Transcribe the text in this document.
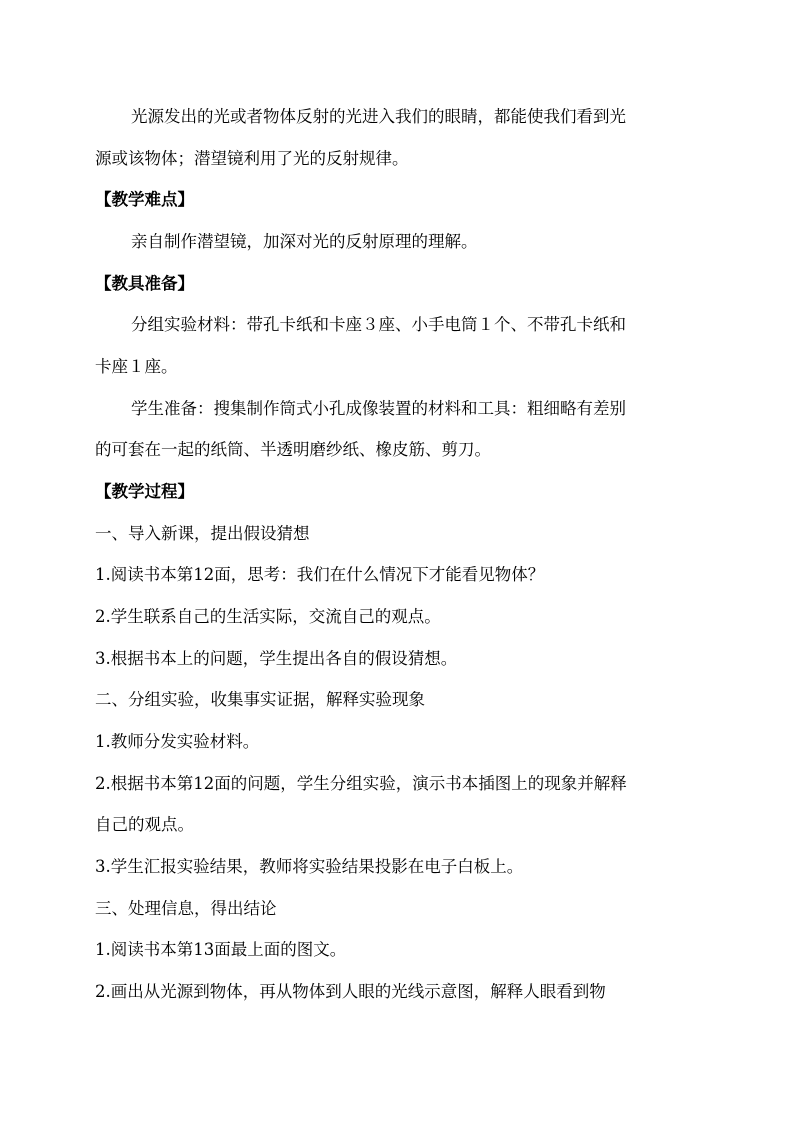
光源发出的光或者物体反射的光进入我们的眼睛，都能使我们看到光
源或该物体；潜望镜利用了光的反射规律。
【教学难点】
亲自制作潜望镜，加深对光的反射原理的理解。
【教具准备】
分组实验材料：带孔卡纸和卡座３座、小手电筒１个、不带孔卡纸和
卡座１座。
学生准备：搜集制作筒式小孔成像装置的材料和工具：粗细略有差别
的可套在一起的纸筒、半透明磨纱纸、橡皮筋、剪刀。
【教学过程】
一、导入新课，提出假设猜想
1.阅读书本第12面，思考：我们在什么情况下才能看见物体？
2.学生联系自己的生活实际，交流自己的观点。
3.根据书本上的问题，学生提出各自的假设猜想。
二、分组实验，收集事实证据，解释实验现象
1.教师分发实验材料。
2.根据书本第12面的问题，学生分组实验，演示书本插图上的现象并解释
自己的观点。
3.学生汇报实验结果，教师将实验结果投影在电子白板上。
三、处理信息，得出结论
1.阅读书本第13面最上面的图文。
2.画出从光源到物体，再从物体到人眼的光线示意图，解释人眼看到物
